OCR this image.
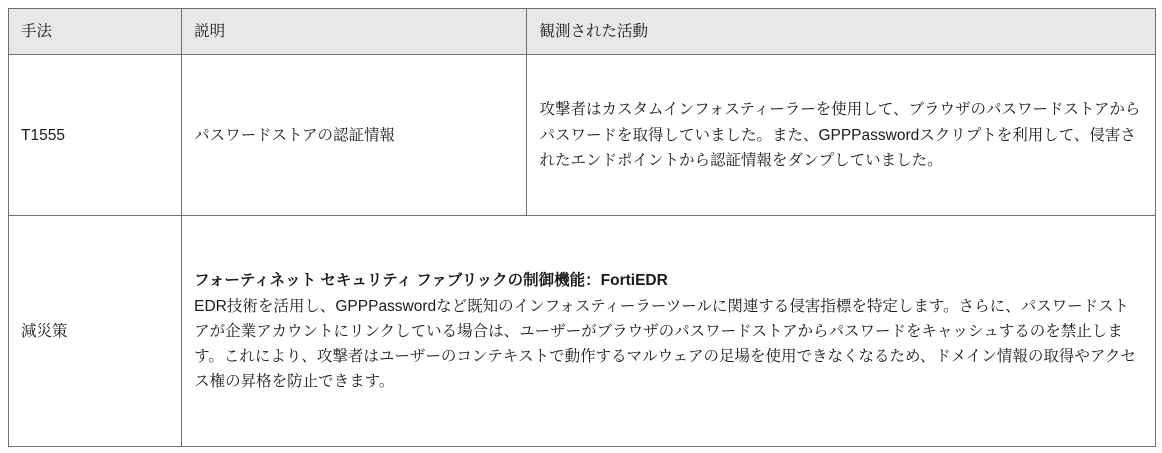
手法	説明	観測された活動
T1555	パスワードストアの認証情報	攻撃者はカスタムインフォスティーラーを使用して、ブラウザのパスワードストアからパスワードを取得していました。また、GPPPasswordスクリプトを利用して、侵害されたエンドポイントから認証情報をダンプしていました。
減災策	フォーティネット セキュリティ ファブリックの制御機能：FortiEDR
EDR技術を活用し、GPPPasswordなど既知のインフォスティーラーツールに関連する侵害指標を特定します。さらに、パスワードストアが企業アカウントにリンクしている場合は、ユーザーがブラウザのパスワードストアからパスワードをキャッシュするのを禁止します。これにより、攻撃者はユーザーのコンテキストで動作するマルウェアの足場を使用できなくなるため、ドメイン情報の取得やアクセス権の昇格を防止できます。	
